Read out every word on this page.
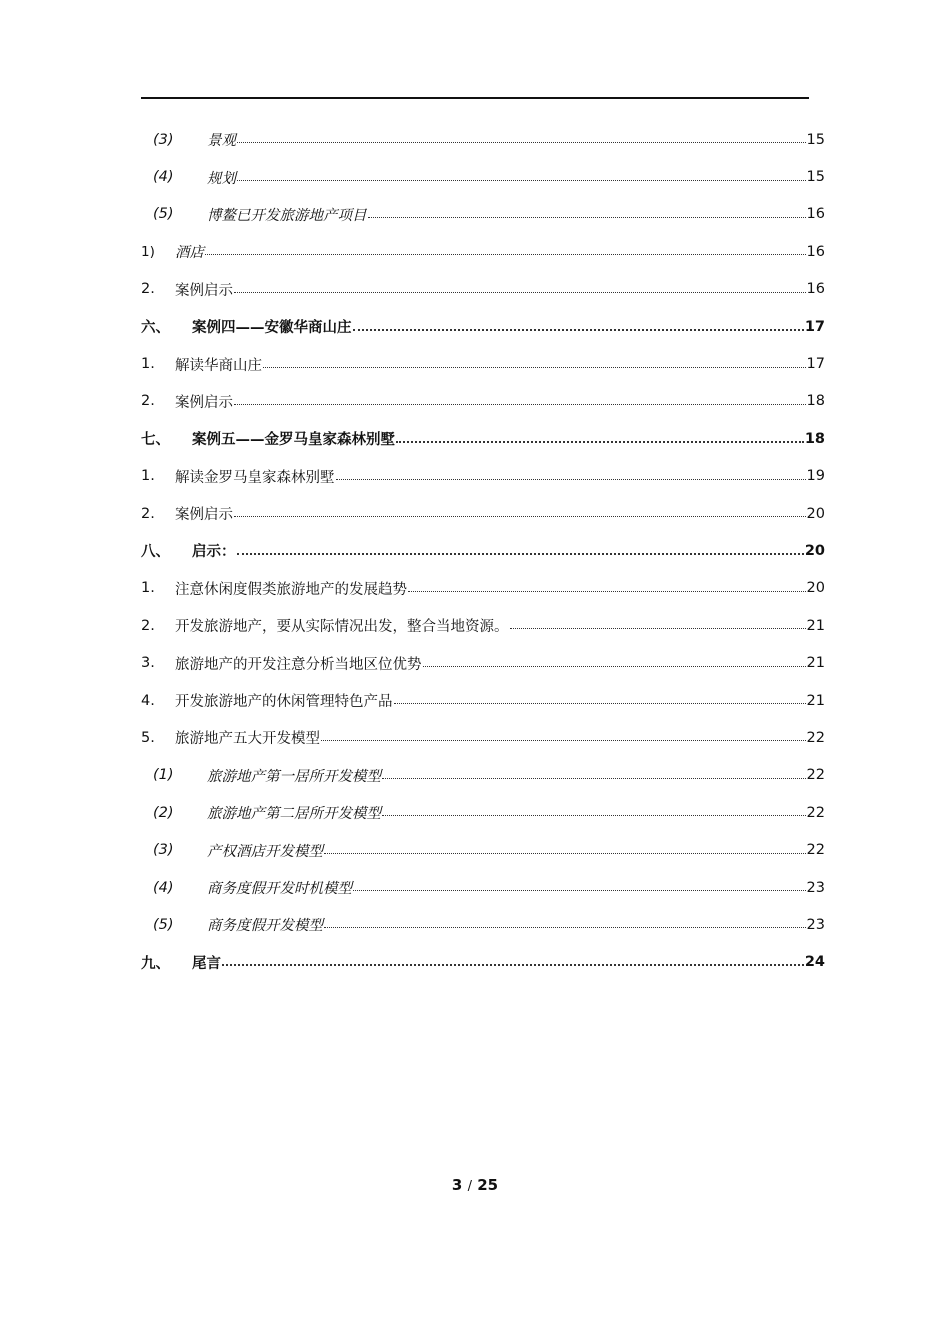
(3)	景观	15
(4)	规划	15
(5)	博鳌已开发旅游地产项目	16
1)	酒店	16
2.	案例启示	16
六、	案例四——安徽华商山庄	17
1.	解读华商山庄	17
2.	案例启示	18
七、	案例五——金罗马皇家森林别墅	18
1.	解读金罗马皇家森林别墅	19
2.	案例启示	20
八、	启示：	20
1.	注意休闲度假类旅游地产的发展趋势	20
2.	开发旅游地产，要从实际情况出发，整合当地资源。	21
3.	旅游地产的开发注意分析当地区位优势	21
4.	开发旅游地产的休闲管理特色产品	21
5.	旅游地产五大开发模型	22
(1)	旅游地产第一居所开发模型	22
(2)	旅游地产第二居所开发模型	22
(3)	产权酒店开发模型	22
(4)	商务度假开发时机模型	23
(5)	商务度假开发模型	23
九、	尾言	24
3 / 25
